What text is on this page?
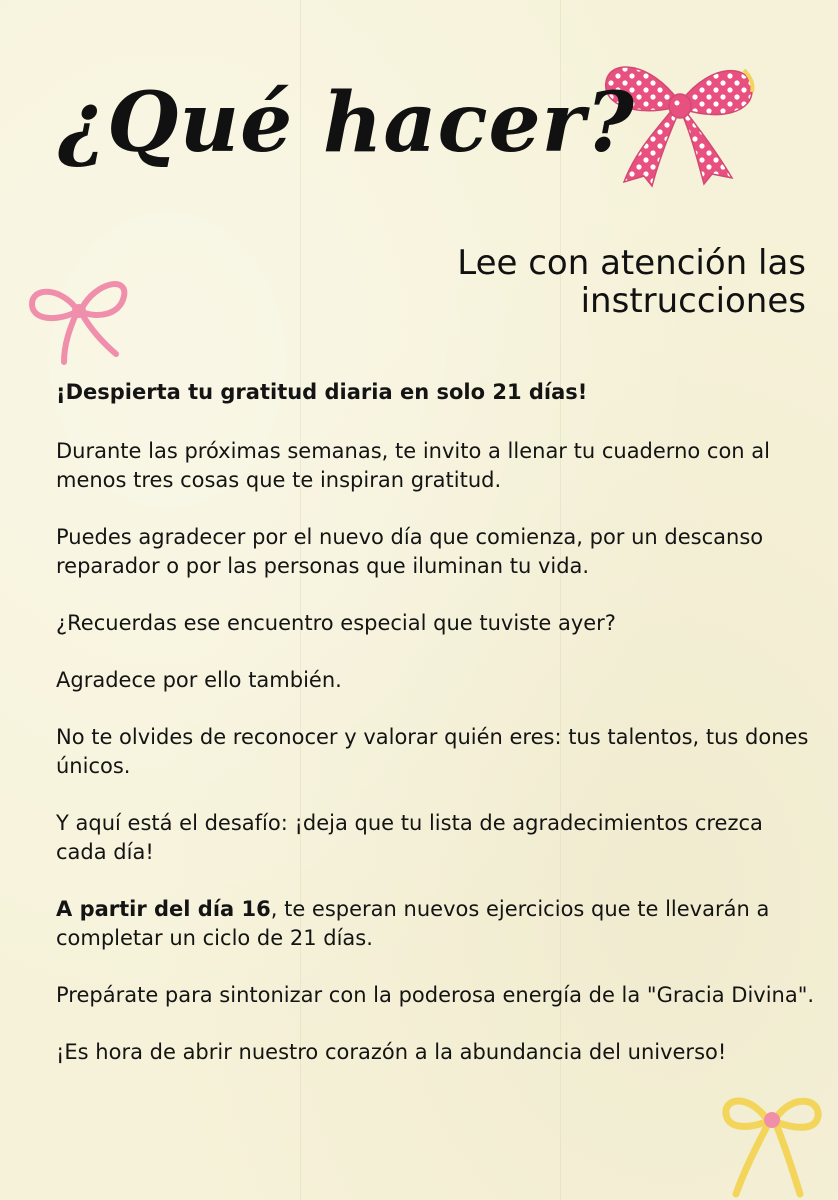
¿Qué hacer?
Lee con atención las
instrucciones

¡Despierta tu gratitud diaria en solo 21 días!

Durante las próximas semanas, te invito a llenar tu cuaderno con al menos tres cosas que te inspiran gratitud.

Puedes agradecer por el nuevo día que comienza, por un descanso reparador o por las personas que iluminan tu vida.

¿Recuerdas ese encuentro especial que tuviste ayer?

Agradece por ello también.

No te olvides de reconocer y valorar quién eres: tus talentos, tus dones únicos.

Y aquí está el desafío: ¡deja que tu lista de agradecimientos crezca cada día!

A partir del día 16, te esperan nuevos ejercicios que te llevarán a completar un ciclo de 21 días.

Prepárate para sintonizar con la poderosa energía de la "Gracia Divina".

¡Es hora de abrir nuestro corazón a la abundancia del universo!
